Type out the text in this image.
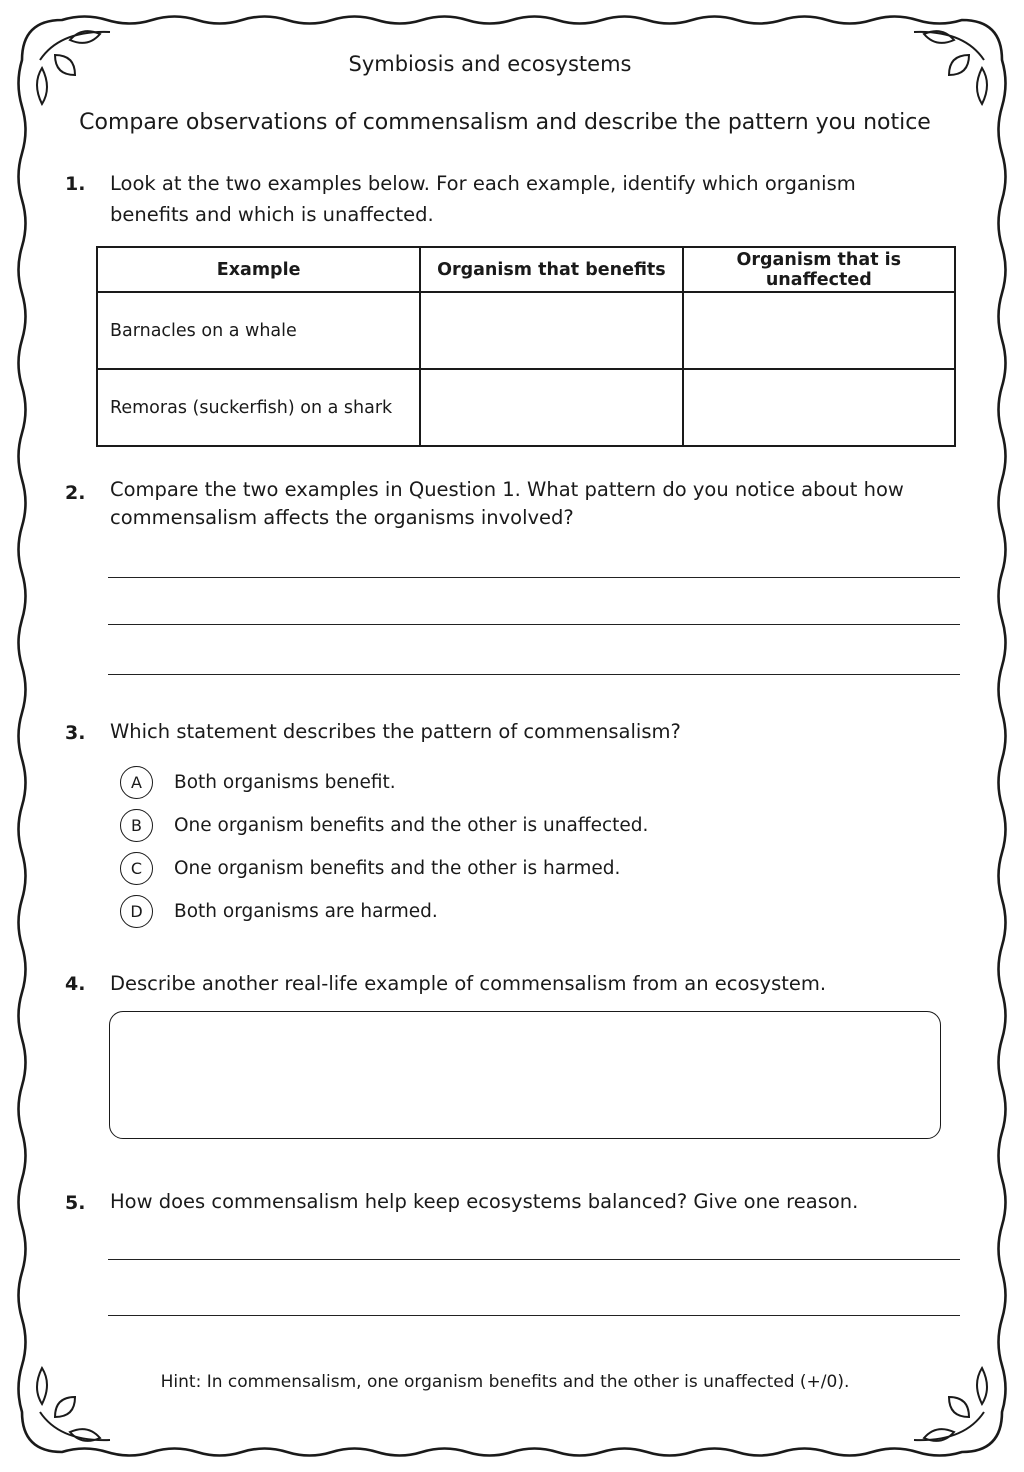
Symbiosis and ecosystems
Compare observations of commensalism and describe the pattern you notice
1. Look at the two examples below. For each example, identify which organism
benefits and which is unaffected.
Example	Organism that benefits	Organism that is unaffected
Barnacles on a whale		
Remoras (suckerfish) on a shark		
2. Compare the two examples in Question 1. What pattern do you notice about how
commensalism affects the organisms involved?
3. Which statement describes the pattern of commensalism?
A	Both organisms benefit.
B	One organism benefits and the other is unaffected.
C	One organism benefits and the other is harmed.
D	Both organisms are harmed.
4. Describe another real-life example of commensalism from an ecosystem.
5. How does commensalism help keep ecosystems balanced? Give one reason.
Hint: In commensalism, one organism benefits and the other is unaffected (+/0).
